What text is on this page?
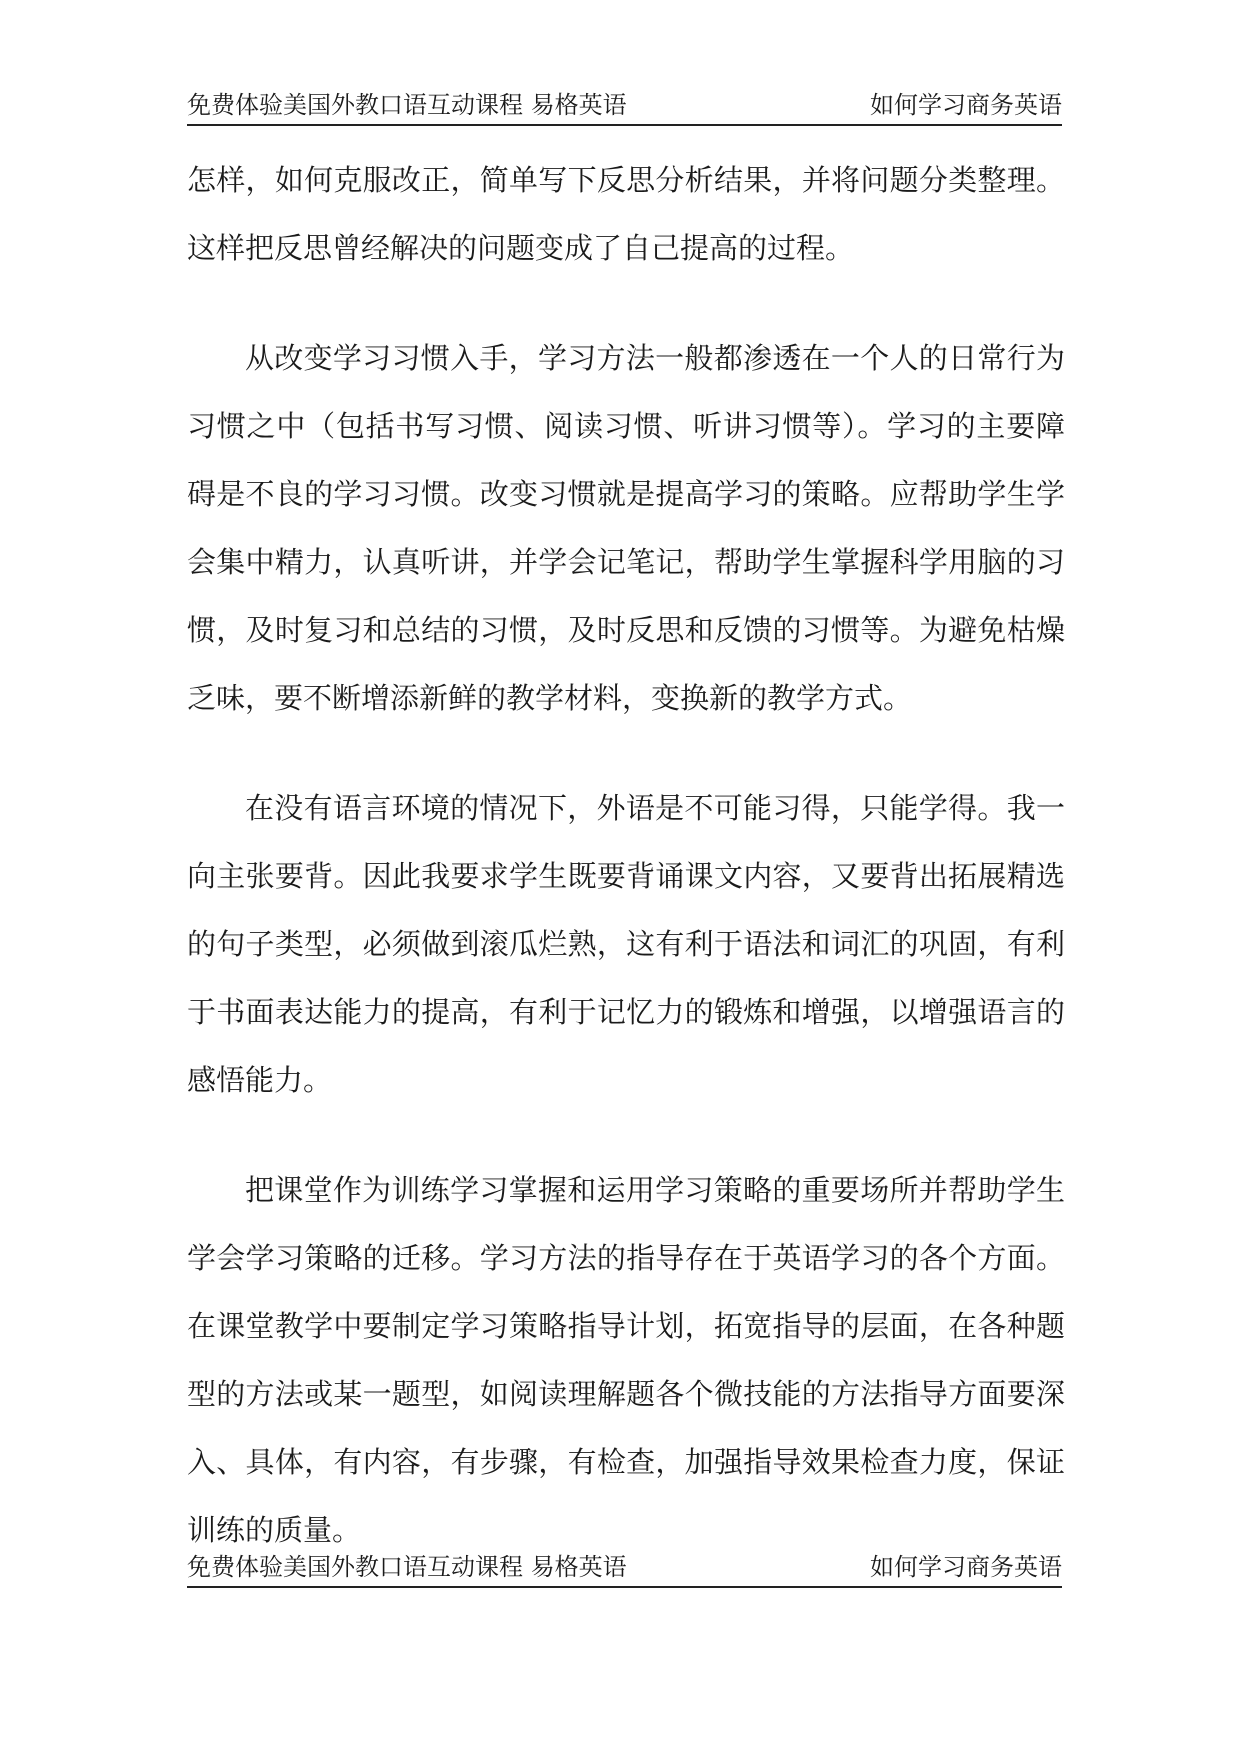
免费体验美国外教口语互动课程 易格英语	如何学习商务英语

怎样，如何克服改正，简单写下反思分析结果，并将问题分类整理。这样把反思曾经解决的问题变成了自己提高的过程。

从改变学习习惯入手，学习方法一般都渗透在一个人的日常行为习惯之中（包括书写习惯、阅读习惯、听讲习惯等）。学习的主要障碍是不良的学习习惯。改变习惯就是提高学习的策略。应帮助学生学会集中精力，认真听讲，并学会记笔记，帮助学生掌握科学用脑的习惯，及时复习和总结的习惯，及时反思和反馈的习惯等。为避免枯燥乏味，要不断增添新鲜的教学材料，变换新的教学方式。

在没有语言环境的情况下，外语是不可能习得，只能学得。我一向主张要背。因此我要求学生既要背诵课文内容，又要背出拓展精选的句子类型，必须做到滚瓜烂熟，这有利于语法和词汇的巩固，有利于书面表达能力的提高，有利于记忆力的锻炼和增强，以增强语言的感悟能力。

把课堂作为训练学习掌握和运用学习策略的重要场所并帮助学生学会学习策略的迁移。学习方法的指导存在于英语学习的各个方面。在课堂教学中要制定学习策略指导计划，拓宽指导的层面，在各种题型的方法或某一题型，如阅读理解题各个微技能的方法指导方面要深入、具体，有内容，有步骤，有检查，加强指导效果检查力度，保证训练的质量。

免费体验美国外教口语互动课程 易格英语	如何学习商务英语
